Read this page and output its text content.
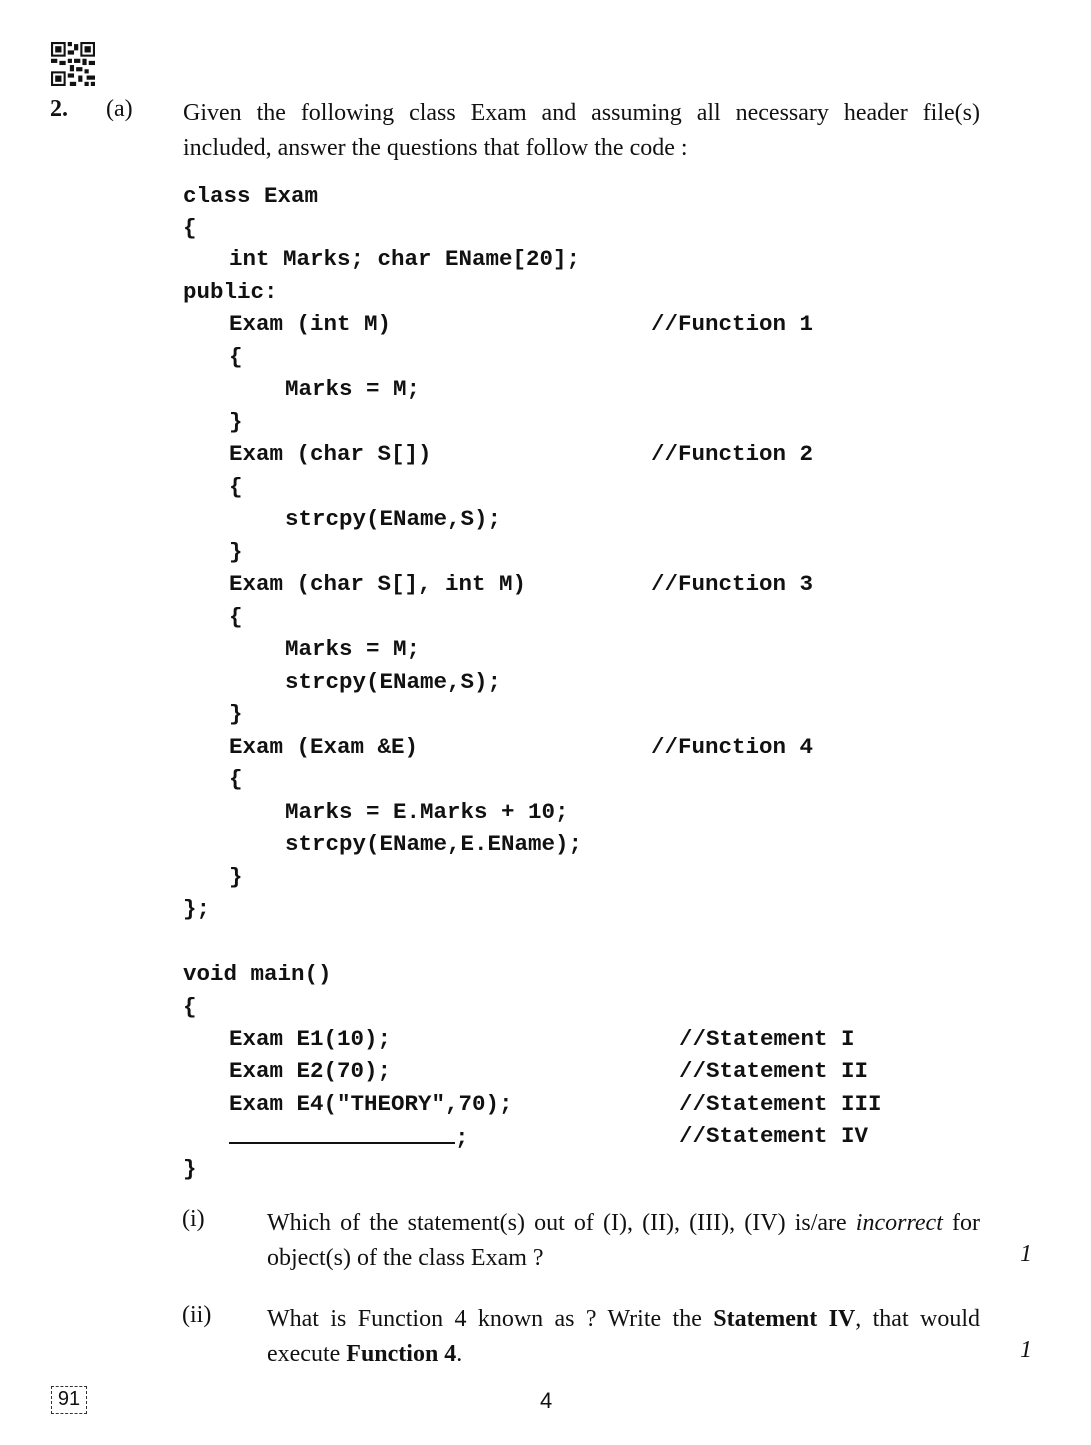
2. (a) Given the following class Exam and assuming all necessary header file(s) included, answer the questions that follow the code :
class Exam
{
int Marks; char EName[20];
public:
Exam (int M)	//Function 1
{
Marks = M;
}
Exam (char S[])	//Function 2
{
strcpy(EName,S);
}
Exam (char S[], int M)	//Function 3
{
Marks = M;
strcpy(EName,S);
}
Exam (Exam &E)	//Function 4
{
Marks = E.Marks + 10;
strcpy(EName,E.EName);
}
};
void main()
{
Exam E1(10);	//Statement I
Exam E2(70);	//Statement II
Exam E4("THEORY",70);	//Statement III
;	//Statement IV
}
(i)	Which of the statement(s) out of (I), (II), (III), (IV) is/are incorrect for object(s) of the class Exam ?	1
(ii) What is Function 4 known as ? Write the Statement IV, that would execute Function 4.	1
91	4
